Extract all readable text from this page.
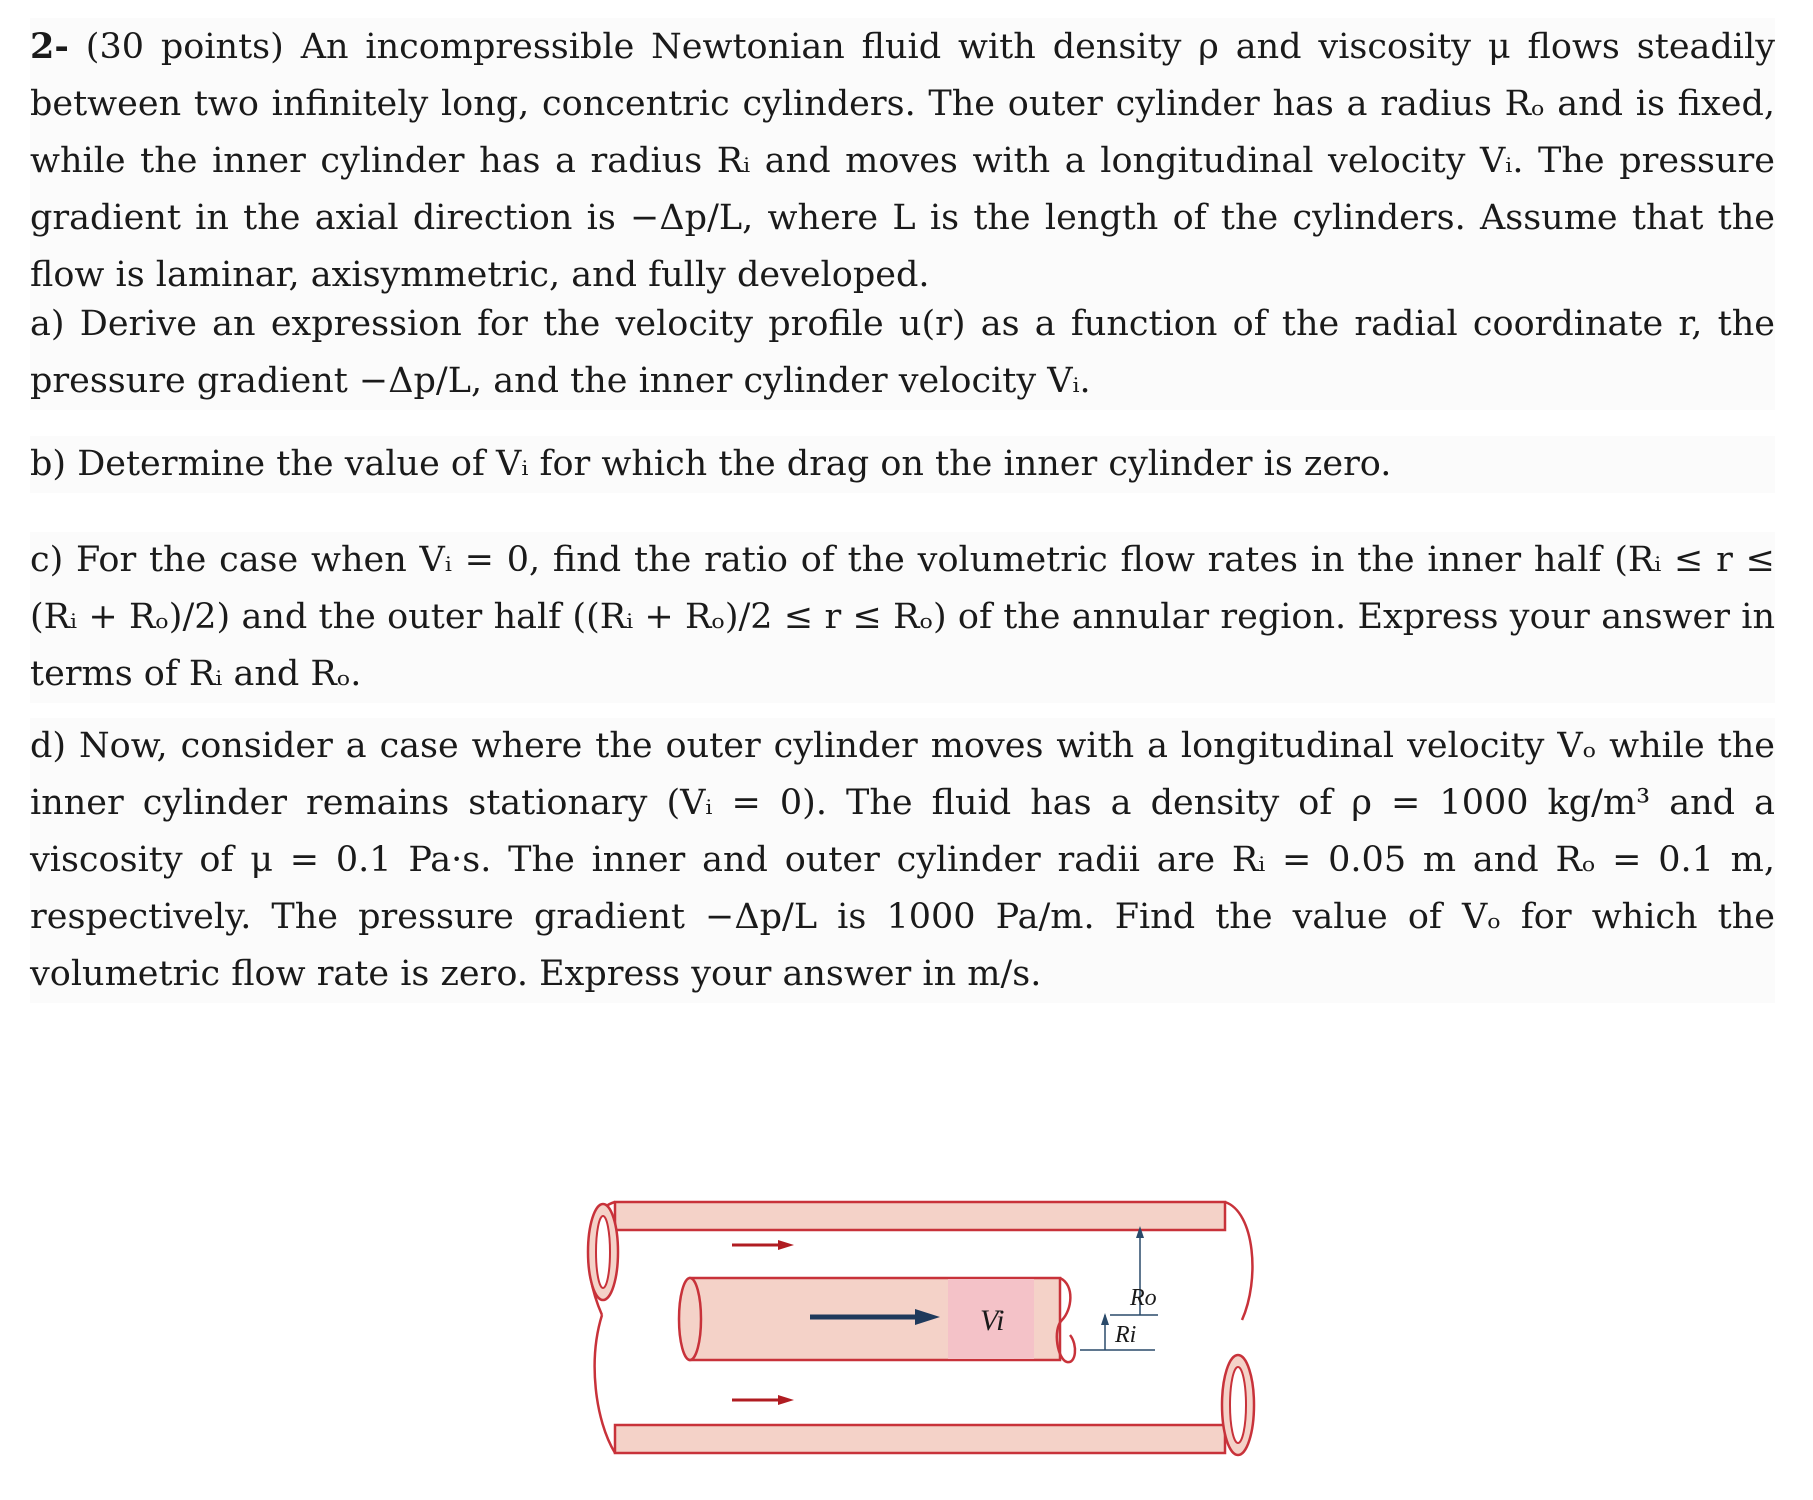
2- (30 points) An incompressible Newtonian fluid with density ρ and viscosity μ flows steadily between two infinitely long, concentric cylinders. The outer cylinder has a radius Rₒ and is fixed, while the inner cylinder has a radius Rᵢ and moves with a longitudinal velocity Vᵢ. The pressure gradient in the axial direction is −Δp/L, where L is the length of the cylinders. Assume that the flow is laminar, axisymmetric, and fully developed.
a) Derive an expression for the velocity profile u(r) as a function of the radial coordinate r, the pressure gradient −Δp/L, and the inner cylinder velocity Vᵢ.
b) Determine the value of Vᵢ for which the drag on the inner cylinder is zero.
c) For the case when Vᵢ = 0, find the ratio of the volumetric flow rates in the inner half (Rᵢ ≤ r ≤ (Rᵢ + Rₒ)/2) and the outer half ((Rᵢ + Rₒ)/2 ≤ r ≤ Rₒ) of the annular region. Express your answer in terms of Rᵢ and Rₒ.
d) Now, consider a case where the outer cylinder moves with a longitudinal velocity Vₒ while the inner cylinder remains stationary (Vᵢ = 0). The fluid has a density of ρ = 1000 kg/m³ and a viscosity of μ = 0.1 Pa·s. The inner and outer cylinder radii are Rᵢ = 0.05 m and Rₒ = 0.1 m, respectively. The pressure gradient −Δp/L is 1000 Pa/m. Find the value of Vₒ for which the volumetric flow rate is zero. Express your answer in m/s.
Vi
Ro
Ri
